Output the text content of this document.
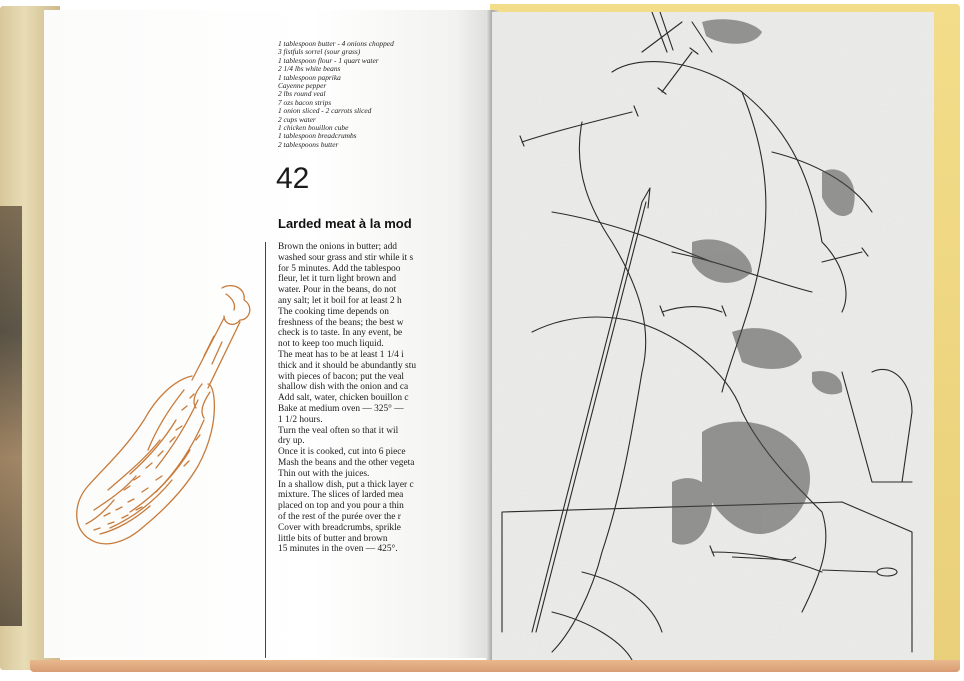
1 tablespoon butter - 4 onions chopped
3 fistfuls sorrel (sour grass)
1 tablespoon flour - 1 quart water
2 1/4 lbs white beans
1 tablespoon paprika
Cayenne pepper
2 lbs round veal
7 ozs bacon strips
1 onion sliced - 2 carrots sliced
2 cups water
1 chicken bouillon cube
1 tablespoon breadcrumbs
2 tablespoons butter
42
Larded meat à la mod
Brown the onions in butter; add
washed sour grass and stir while it s
for 5 minutes. Add the tablespoo
fleur, let it turn light brown and
water. Pour in the beans, do not
any salt; let it boil for at least 2 h
The cooking time depends on
freshness of the beans; the best w
check is to taste. In any event, be
not to keep too much liquid.
The meat has to be at least 1 1/4 i
thick and it should be abundantly stu
with pieces of bacon; put the veal
shallow dish with the onion and ca
Add salt, water, chicken bouillon c
Bake at medium oven — 325° —
1 1/2 hours.
Turn the veal often so that it wil
dry up.
Once it is cooked, cut into 6 piece
Mash the beans and the other vegeta
Thin out with the juices.
In a shallow dish, put a thick layer c
mixture. The slices of larded mea
placed on top and you pour a thin
of the rest of the purée over the r
Cover with breadcrumbs, sprikle
little bits of butter and brown
15 minutes in the oven — 425°.
